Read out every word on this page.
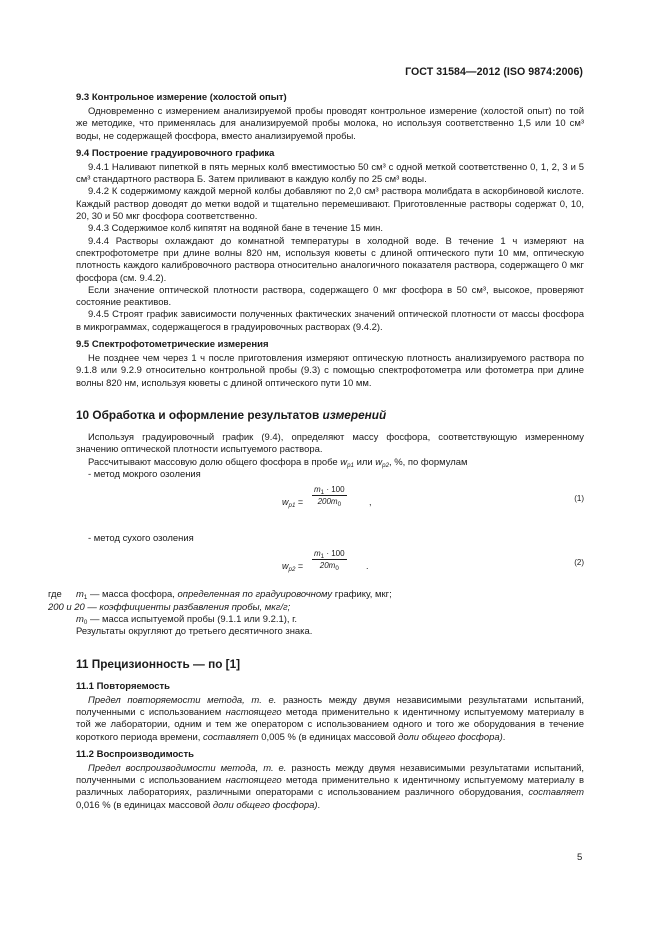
ГОСТ 31584—2012 (ISO 9874:2006)
9.3 Контрольное измерение (холостой опыт)

Одновременно с измерением анализируемой пробы проводят контрольное измерение (холостой опыт) по той же методике, что применялась для анализируемой пробы молока, но используя соответственно 1,5 или 10 см³ воды, не содержащей фосфора, вместо анализируемой пробы.

9.4 Построение градуировочного графика

9.4.1 Наливают пипеткой в пять мерных колб вместимостью 50 см³ с одной меткой соответственно 0, 1, 2, 3 и 5 см³ стандартного раствора Б. Затем приливают в каждую колбу по 25 см³ воды.

9.4.2 К содержимому каждой мерной колбы добавляют по 2,0 см³ раствора молибдата в аскорбиновой кислоте. Каждый раствор доводят до метки водой и тщательно перемешивают. Приготовленные растворы содержат 0, 10, 20, 30 и 50 мкг фосфора соответственно.

9.4.3 Содержимое колб кипятят на водяной бане в течение 15 мин.

9.4.4 Растворы охлаждают до комнатной температуры в холодной воде. В течение 1 ч измеряют на спектрофотометре при длине волны 820 нм, используя кюветы с длиной оптического пути 10 мм, оптическую плотность каждого калибровочного раствора относительно аналогичного показателя раствора, содержащего 0 мкг фосфора (см. 9.4.2).

Если значение оптической плотности раствора, содержащего 0 мкг фосфора в 50 см³, высокое, проверяют состояние реактивов.

9.4.5 Строят график зависимости полученных фактических значений оптической плотности от массы фосфора в микрограммах, содержащегося в градуировочных растворах (9.4.2).

9.5 Спектрофотометрические измерения

Не позднее чем через 1 ч после приготовления измеряют оптическую плотность анализируемого раствора по 9.1.8 или 9.2.9 относительно контрольной пробы (9.3) с помощью спектрофотометра или фотометра при длине волны 820 нм, используя кюветы с длиной оптического пути 10 мм.

10 Обработка и оформление результатов измерений

Используя градуировочный график (9.4), определяют массу фосфора, соответствующую измеренному значению оптической плотности испытуемого раствора.

Рассчитывают массовую долю общего фосфора в пробе $w_{p1}$ или $w_{p2}$, %, по формулам

- метод мокрого озоления

$w_{p1} = \frac{m_1 \cdot 100}{200m_0}$ ,	(1)

- метод сухого озоления

$w_{p2} = \frac{m_1 \cdot 100}{20m_0}$ .	(2)
где	$m_1$ — масса фосфора, определенная по градуировочному графику, мкг;

200 и 20 — коэффициенты разбавления пробы, мкг/г;

$m_0$ — масса испытуемой пробы (9.1.1 или 9.2.1), г.

Результаты округляют до третьего десятичного знака.

11 Прецизионность — по [1]
11.1 Повторяемость

Предел повторяемости метода, т. е. разность между двумя независимыми результатами испытаний, полученными с использованием настоящего метода применительно к идентичному испытуемому материалу в той же лаборатории, одним и тем же оператором с использованием одного и того же оборудования в течение короткого периода времени, составляет 0,005 % (в единицах массовой доли общего фосфора).

11.2 Воспроизводимость

Предел воспроизводимости метода, т. е. разность между двумя независимыми результатами испытаний, полученными с использованием настоящего метода применительно к идентичному испытуемому материалу в различных лабораториях, различными операторами с использованием различного оборудования, составляет 0,016 % (в единицах массовой доли общего фосфора).

5
